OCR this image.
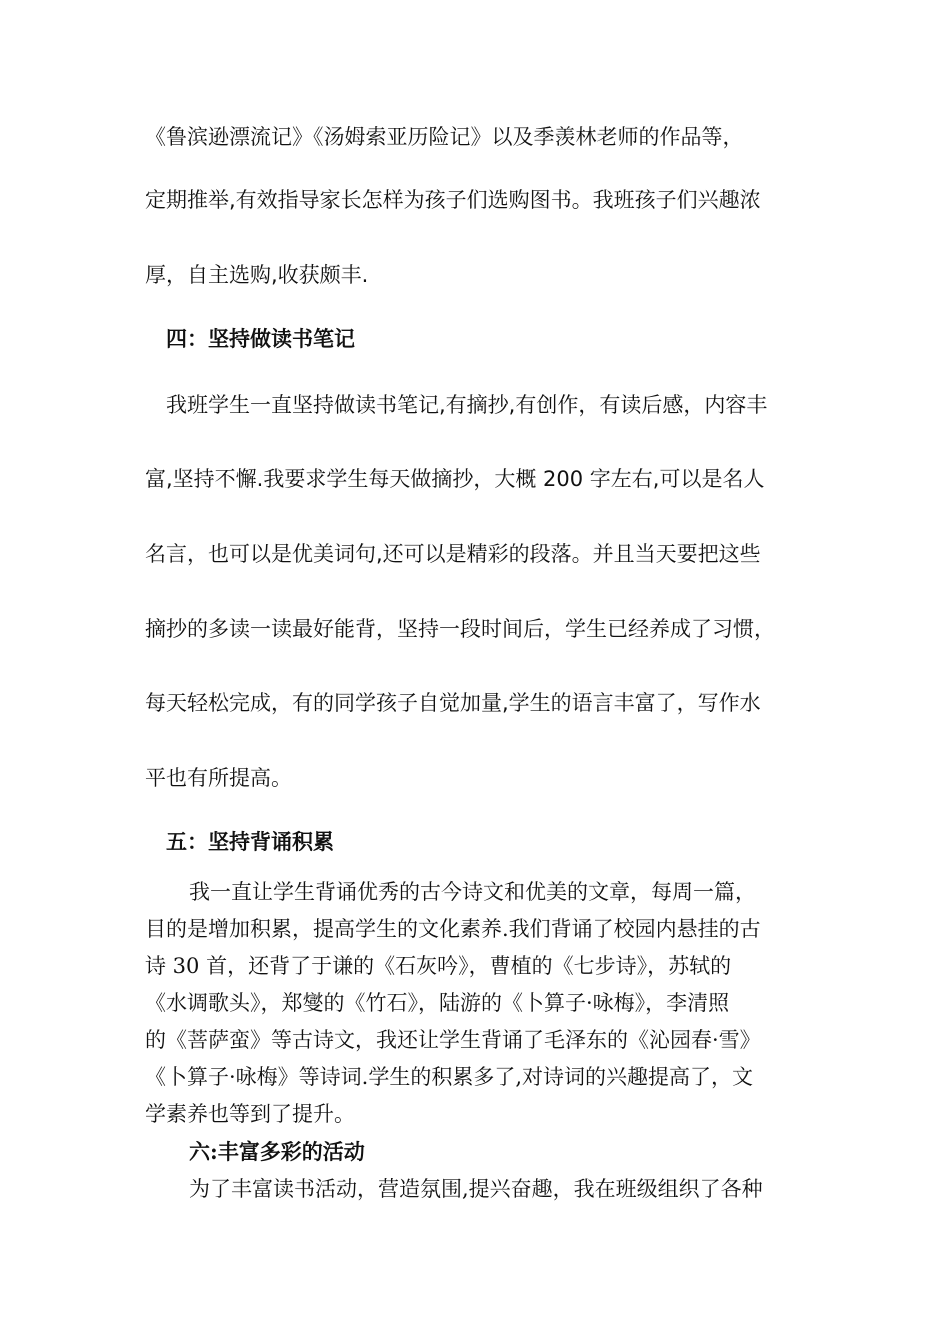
《鲁滨逊漂流记》《汤姆索亚历险记》以及季羡林老师的作品等，
定期推举,有效指导家长怎样为孩子们选购图书。我班孩子们兴趣浓
厚，自主选购,收获颇丰.
四：坚持做读书笔记
我班学生一直坚持做读书笔记,有摘抄,有创作，有读后感，内容丰
富,坚持不懈.我要求学生每天做摘抄，大概 200 字左右,可以是名人
名言，也可以是优美词句,还可以是精彩的段落。并且当天要把这些
摘抄的多读一读最好能背，坚持一段时间后，学生已经养成了习惯，
每天轻松完成，有的同学孩子自觉加量,学生的语言丰富了，写作水
平也有所提高。
五：坚持背诵积累
我一直让学生背诵优秀的古今诗文和优美的文章，每周一篇，
目的是增加积累，提高学生的文化素养.我们背诵了校园内悬挂的古
诗 30 首，还背了于谦的《石灰吟》，曹植的《七步诗》，苏轼的
《水调歌头》，郑燮的《竹石》，陆游的《卜算子·咏梅》，李清照
的《菩萨蛮》等古诗文，我还让学生背诵了毛泽东的《沁园春·雪》
《卜算子·咏梅》等诗词.学生的积累多了,对诗词的兴趣提高了，文
学素养也等到了提升。
六:丰富多彩的活动
为了丰富读书活动，营造氛围,提兴奋趣，我在班级组织了各种
